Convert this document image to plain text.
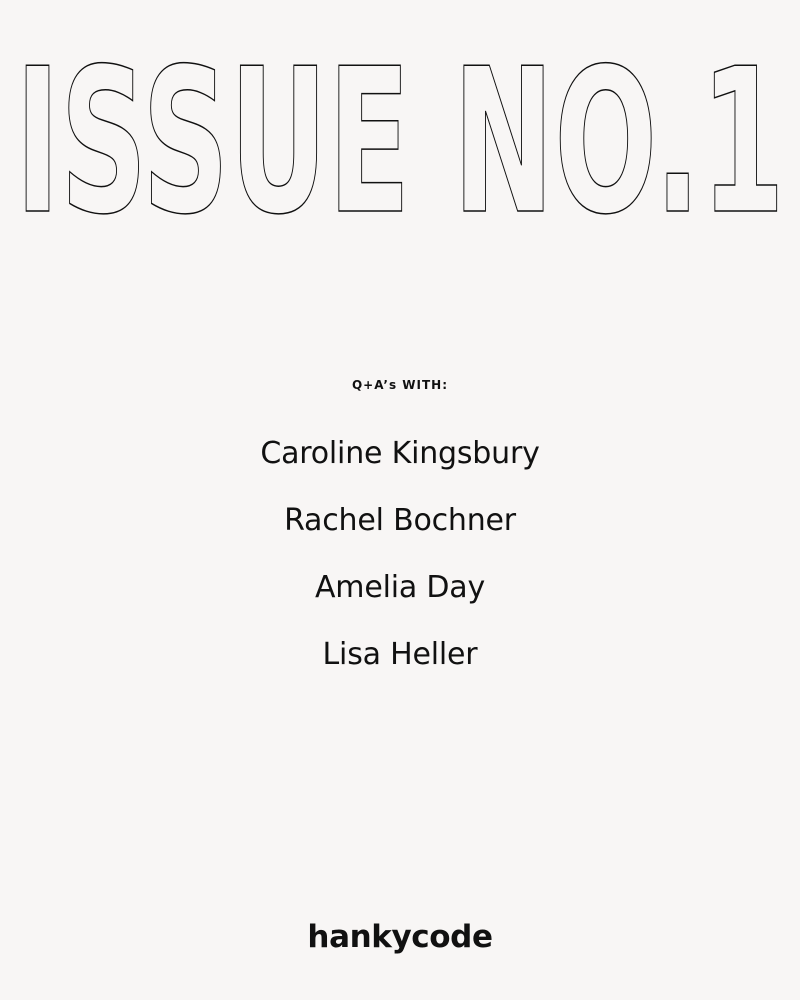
ISSUE NO.1
Q+A’s WITH:
Caroline Kingsbury
Rachel Bochner
Amelia Day
Lisa Heller
hankycode
